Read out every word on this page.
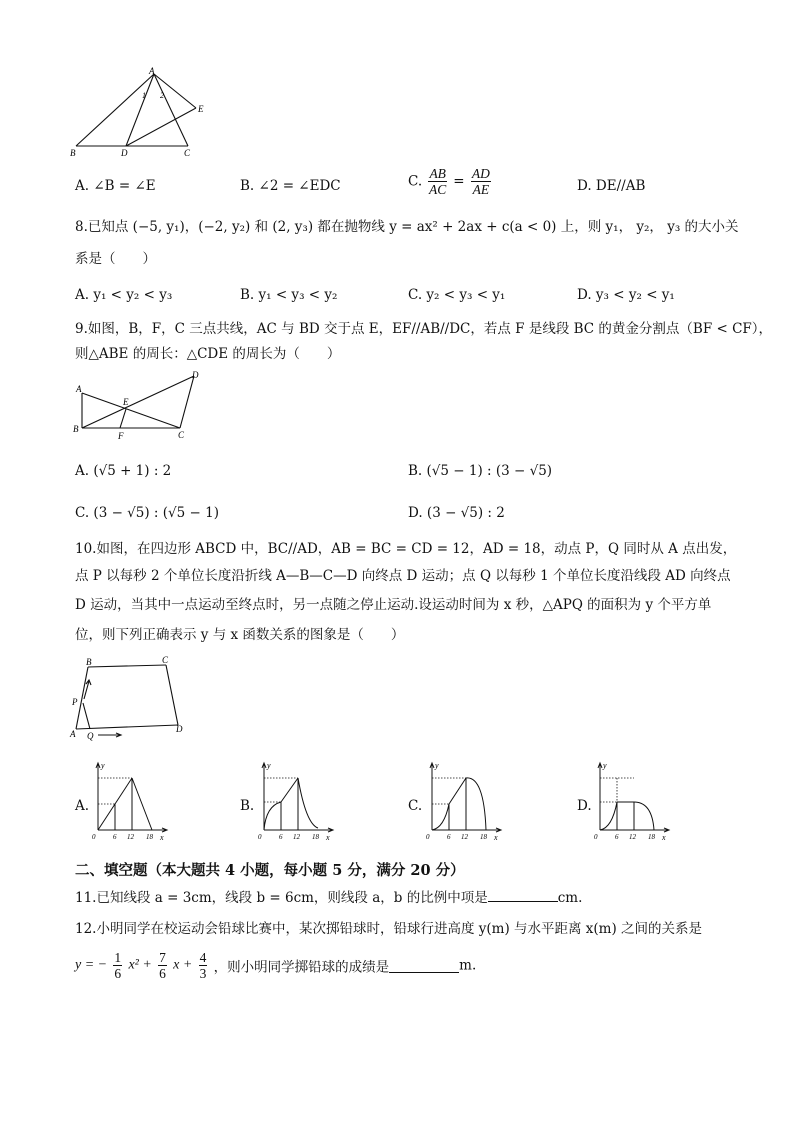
A
1 2
E
B	D	C
A. ∠B = ∠E	B. ∠2 = ∠EDC	C. $\frac{AB}{AC} = \frac{AD}{AE}$	D. DE//AB
8.已知点 (−5, y₁)，(−2, y₂) 和 (2, y₃) 都在抛物线 y = ax² + 2ax + c(a < 0) 上，则 y₁， y₂， y₃ 的大小关
系是（　　）
A. y₁ < y₂ < y₃	B. y₁ < y₃ < y₂	C. y₂ < y₃ < y₁	D. y₃ < y₂ < y₁
9.如图，B，F，C 三点共线，AC 与 BD 交于点 E，EF//AB//DC，若点 F 是线段 BC 的黄金分割点（BF < CF），
则△ABE 的周长：△CDE 的周长为（　　）
A
D
E
B
F	C
A. (√5 + 1) : 2	B. (√5 − 1) : (3 − √5)
C. (3 − √5) : (√5 − 1)	D. (3 − √5) : 2
10.如图，在四边形 ABCD 中，BC//AD，AB = BC = CD = 12，AD = 18，动点 P，Q 同时从 A 点出发，
点 P 以每秒 2 个单位长度沿折线 A—B—C—D 向终点 D 运动；点 Q 以每秒 1 个单位长度沿线段 AD 向终点
D 运动，当其中一点运动至终点时，另一点随之停止运动.设运动时间为 x 秒，△APQ 的面积为 y 个平方单
位，则下列正确表示 y 与 x 函数关系的图象是（　　）
B	C
P
A Q
D
A.	B.	C.	D.
y
x
0	6 12 18
y
x
0	6 12 18
y
x
0	6 12 18
y
x
0	6 12 18
二、填空题（本大题共 4 小题，每小题 5 分，满分 20 分）
11.已知线段 a = 3cm，线段 b = 6cm，则线段 a，b 的比例中项是	cm.
12.小明同学在校运动会铅球比赛中，某次掷铅球时，铅球行进高度 y(m) 与水平距离 x(m) 之间的关系是
y = − $\frac{1}{6} x^2 + \frac{7}{6}$ $x + \frac{4}{3}$ ，则小明同学掷铅球的成绩是	m.
